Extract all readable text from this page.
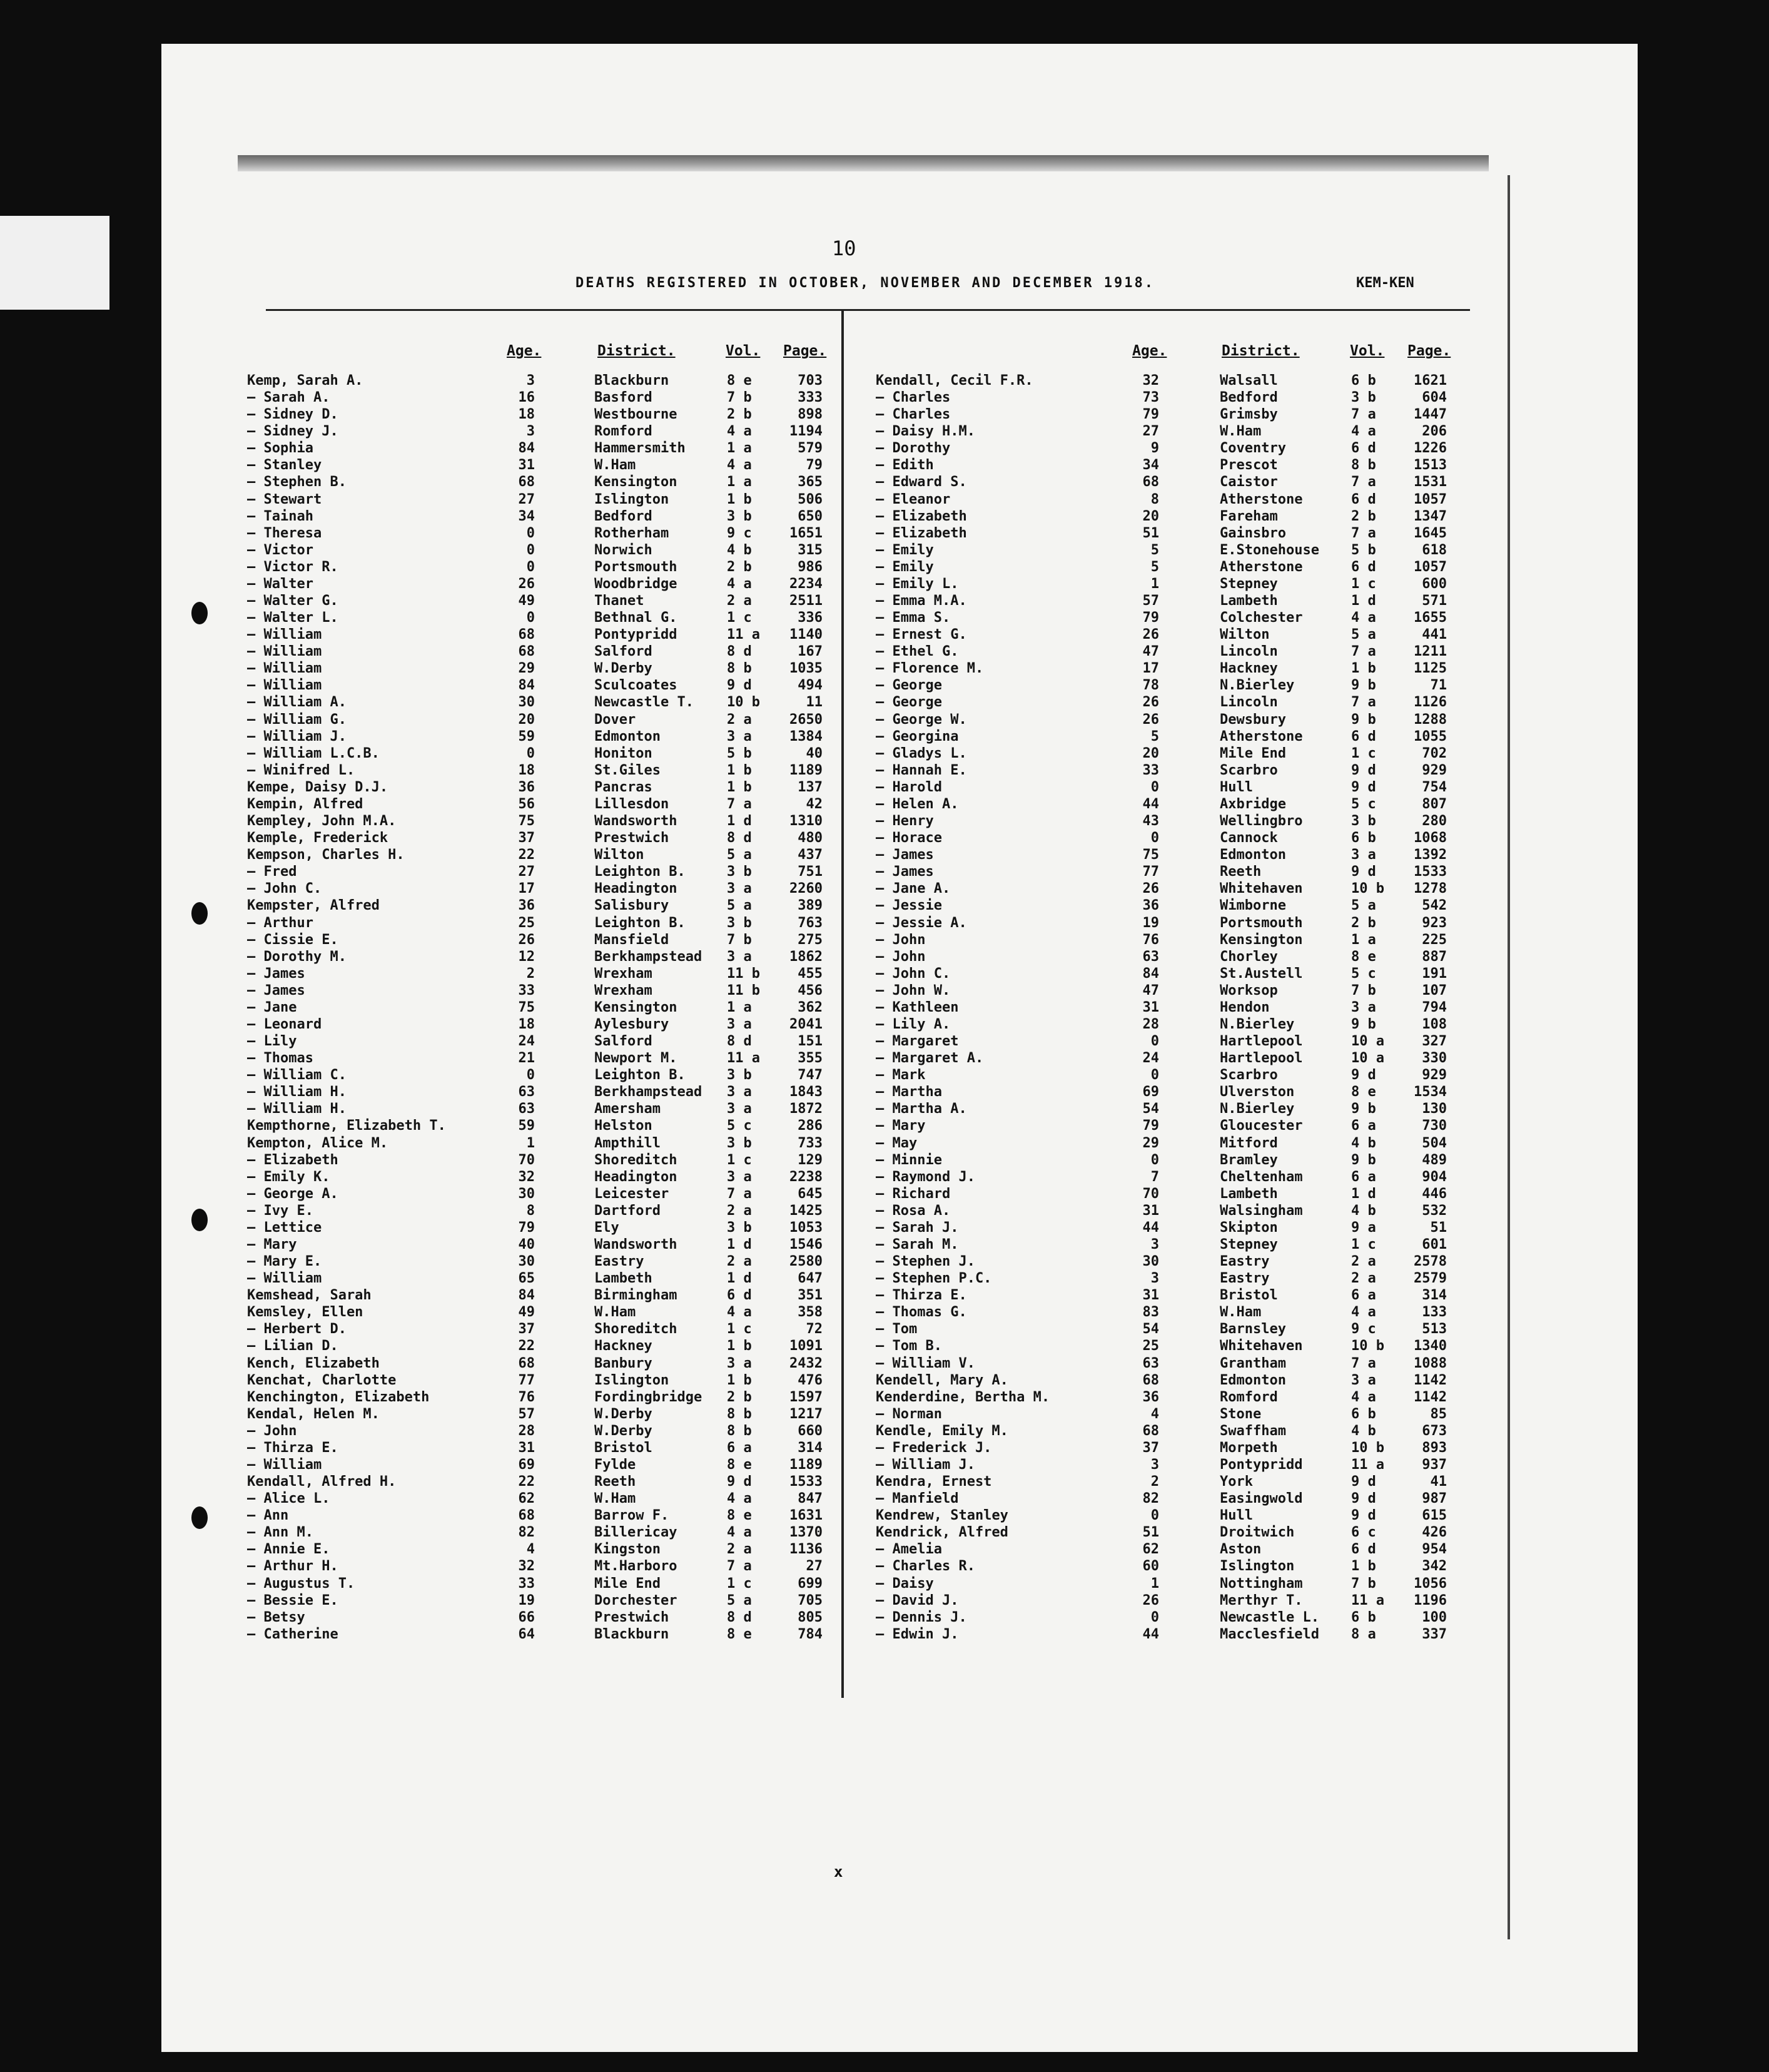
10
DEATHS REGISTERED IN OCTOBER, NOVEMBER AND DECEMBER 1918.	KEM-KEN
Age.	District.	Vol. Page.
Kemp, Sarah A.	3	Blackburn	8 e	703
— Sarah A.	16	Basford	7 b	333
— Sidney D.	18	Westbourne	2 b	898
— Sidney J.	3	Romford	4 a	1194
— Sophia	84	Hammersmith	1 a	579
— Stanley	31	W.Ham	4 a	79
— Stephen B.	68	Kensington	1 a	365
— Stewart	27	Islington	1 b	506
— Tainah	34	Bedford	3 b	650
— Theresa	0	Rotherham	9 c	1651
— Victor	0	Norwich	4 b	315
— Victor R.	0	Portsmouth	2 b	986
— Walter	26	Woodbridge	4 a	2234
— Walter G.	49	Thanet	2 a	2511
— Walter L.	0	Bethnal G.	1 c	336
— William	68	Pontypridd	11 a	1140
— William	68	Salford	8 d	167
— William	29	W.Derby	8 b	1035
— William	84	Sculcoates	9 d	494
— William A.	30	Newcastle T. 10 b	11
— William G.	20	Dover	2 a	2650
— William J.	59	Edmonton	3 a	1384
— William L.C.B.	0	Honiton	5 b	40
— Winifred L.	18	St.Giles	1 b	1189
Kempe, Daisy D.J.	36	Pancras	1 b	137
Kempin, Alfred	56	Lillesdon	7 a	42
Kempley, John M.A.	75	Wandsworth	1 d	1310
Kemple, Frederick	37	Prestwich	8 d	480
Kempson, Charles H.	22	Wilton	5 a	437
— Fred	27	Leighton B.	3 b	751
— John C.	17	Headington	3 a	2260
Kempster, Alfred	36	Salisbury	5 a	389
— Arthur	25	Leighton B.	3 b	763
— Cissie E.	26	Mansfield	7 b	275
— Dorothy M.	12	Berkhampstead 3 a	1862
— James	2	Wrexham	11 b	455
— James	33	Wrexham	11 b	456
— Jane	75	Kensington	1 a	362
— Leonard	18	Aylesbury	3 a	2041
— Lily	24	Salford	8 d	151
— Thomas	21	Newport M.	11 a	355
— William C.	0	Leighton B.	3 b	747
— William H.	63	Berkhampstead 3 a	1843
— William H.	63	Amersham	3 a	1872
Kempthorne, Elizabeth T.	59	Helston	5 c	286
Kempton, Alice M.	1	Ampthill	3 b	733
— Elizabeth	70	Shoreditch	1 c	129
— Emily K.	32	Headington	3 a	2238
— George A.	30	Leicester	7 a	645
— Ivy E.	8	Dartford	2 a	1425
— Lettice	79	Ely	3 b	1053
— Mary	40	Wandsworth	1 d	1546
— Mary E.	30	Eastry	2 a	2580
— William	65	Lambeth	1 d	647
Kemshead, Sarah	84	Birmingham	6 d	351
Kemsley, Ellen	49	W.Ham	4 a	358
— Herbert D.	37	Shoreditch	1 c	72
— Lilian D.	22	Hackney	1 b	1091
Kench, Elizabeth	68	Banbury	3 a	2432
Kenchat, Charlotte	77	Islington	1 b	476
Kenchington, Elizabeth	76	Fordingbridge 2 b	1597
Kendal, Helen M.	57	W.Derby	8 b	1217
— John	28	W.Derby	8 b	660
— Thirza E.	31	Bristol	6 a	314
— William	69	Fylde	8 e	1189
Kendall, Alfred H.	22	Reeth	9 d	1533
— Alice L.	62	W.Ham	4 a	847
— Ann	68	Barrow F.	8 e	1631
— Ann M.	82	Billericay	4 a	1370
— Annie E.	4	Kingston	2 a	1136
— Arthur H.	32	Mt.Harboro	7 a	27
— Augustus T.	33	Mile End	1 c	699
— Bessie E.	19	Dorchester	5 a	705
— Betsy	66	Prestwich	8 d	805
— Catherine	64	Blackburn	8 e	784
Age.	District.	Vol. Page.
Kendall, Cecil F.R.	32	Walsall	6 b	1621
— Charles	73	Bedford	3 b	604
— Charles	79	Grimsby	7 a	1447
— Daisy H.M.	27	W.Ham	4 a	206
— Dorothy	9	Coventry	6 d	1226
— Edith	34	Prescot	8 b	1513
— Edward S.	68	Caistor	7 a	1531
— Eleanor	8	Atherstone	6 d	1057
— Elizabeth	20	Fareham	2 b	1347
— Elizabeth	51	Gainsbro	7 a	1645
— Emily	5	E.Stonehouse 5 b	618
— Emily	5	Atherstone	6 d	1057
— Emily L.	1	Stepney	1 c	600
— Emma M.A.	57	Lambeth	1 d	571
— Emma S.	79	Colchester	4 a	1655
— Ernest G.	26	Wilton	5 a	441
— Ethel G.	47	Lincoln	7 a	1211
— Florence M.	17	Hackney	1 b	1125
— George	78	N.Bierley	9 b	71
— George	26	Lincoln	7 a	1126
— George W.	26	Dewsbury	9 b	1288
— Georgina	5	Atherstone	6 d	1055
— Gladys L.	20	Mile End	1 c	702
— Hannah E.	33	Scarbro	9 d	929
— Harold	0	Hull	9 d	754
— Helen A.	44	Axbridge	5 c	807
— Henry	43	Wellingbro	3 b	280
— Horace	0	Cannock	6 b	1068
— James	75	Edmonton	3 a	1392
— James	77	Reeth	9 d	1533
— Jane A.	26	Whitehaven	10 b	1278
— Jessie	36	Wimborne	5 a	542
— Jessie A.	19	Portsmouth	2 b	923
— John	76	Kensington	1 a	225
— John	63	Chorley	8 e	887
— John C.	84	St.Austell	5 c	191
— John W.	47	Worksop	7 b	107
— Kathleen	31	Hendon	3 a	794
— Lily A.	28	N.Bierley	9 b	108
— Margaret	0	Hartlepool	10 a	327
— Margaret A.	24	Hartlepool	10 a	330
— Mark	0	Scarbro	9 d	929
— Martha	69	Ulverston	8 e	1534
— Martha A.	54	N.Bierley	9 b	130
— Mary	79	Gloucester	6 a	730
— May	29	Mitford	4 b	504
— Minnie	0	Bramley	9 b	489
— Raymond J.	7	Cheltenham	6 a	904
— Richard	70	Lambeth	1 d	446
— Rosa A.	31	Walsingham	4 b	532
— Sarah J.	44	Skipton	9 a	51
— Sarah M.	3	Stepney	1 c	601
— Stephen J.	30	Eastry	2 a	2578
— Stephen P.C.	3	Eastry	2 a	2579
— Thirza E.	31	Bristol	6 a	314
— Thomas G.	83	W.Ham	4 a	133
— Tom	54	Barnsley	9 c	513
— Tom B.	25	Whitehaven	10 b	1340
— William V.	63	Grantham	7 a	1088
Kendell, Mary A.	68	Edmonton	3 a	1142
Kenderdine, Bertha M.	36	Romford	4 a	1142
— Norman	4	Stone	6 b	85
Kendle, Emily M.	68	Swaffham	4 b	673
— Frederick J.	37	Morpeth	10 b	893
— William J.	3	Pontypridd	11 a	937
Kendra, Ernest	2	York	9 d	41
— Manfield	82	Easingwold	9 d	987
Kendrew, Stanley	0	Hull	9 d	615
Kendrick, Alfred	51	Droitwich	6 c	426
— Amelia	62	Aston	6 d	954
— Charles R.	60	Islington	1 b	342
— Daisy	1	Nottingham	7 b	1056
— David J.	26	Merthyr T.	11 a	1196
— Dennis J.	0	Newcastle L. 6 b	100
— Edwin J.	44	Macclesfield 8 a	337
x
